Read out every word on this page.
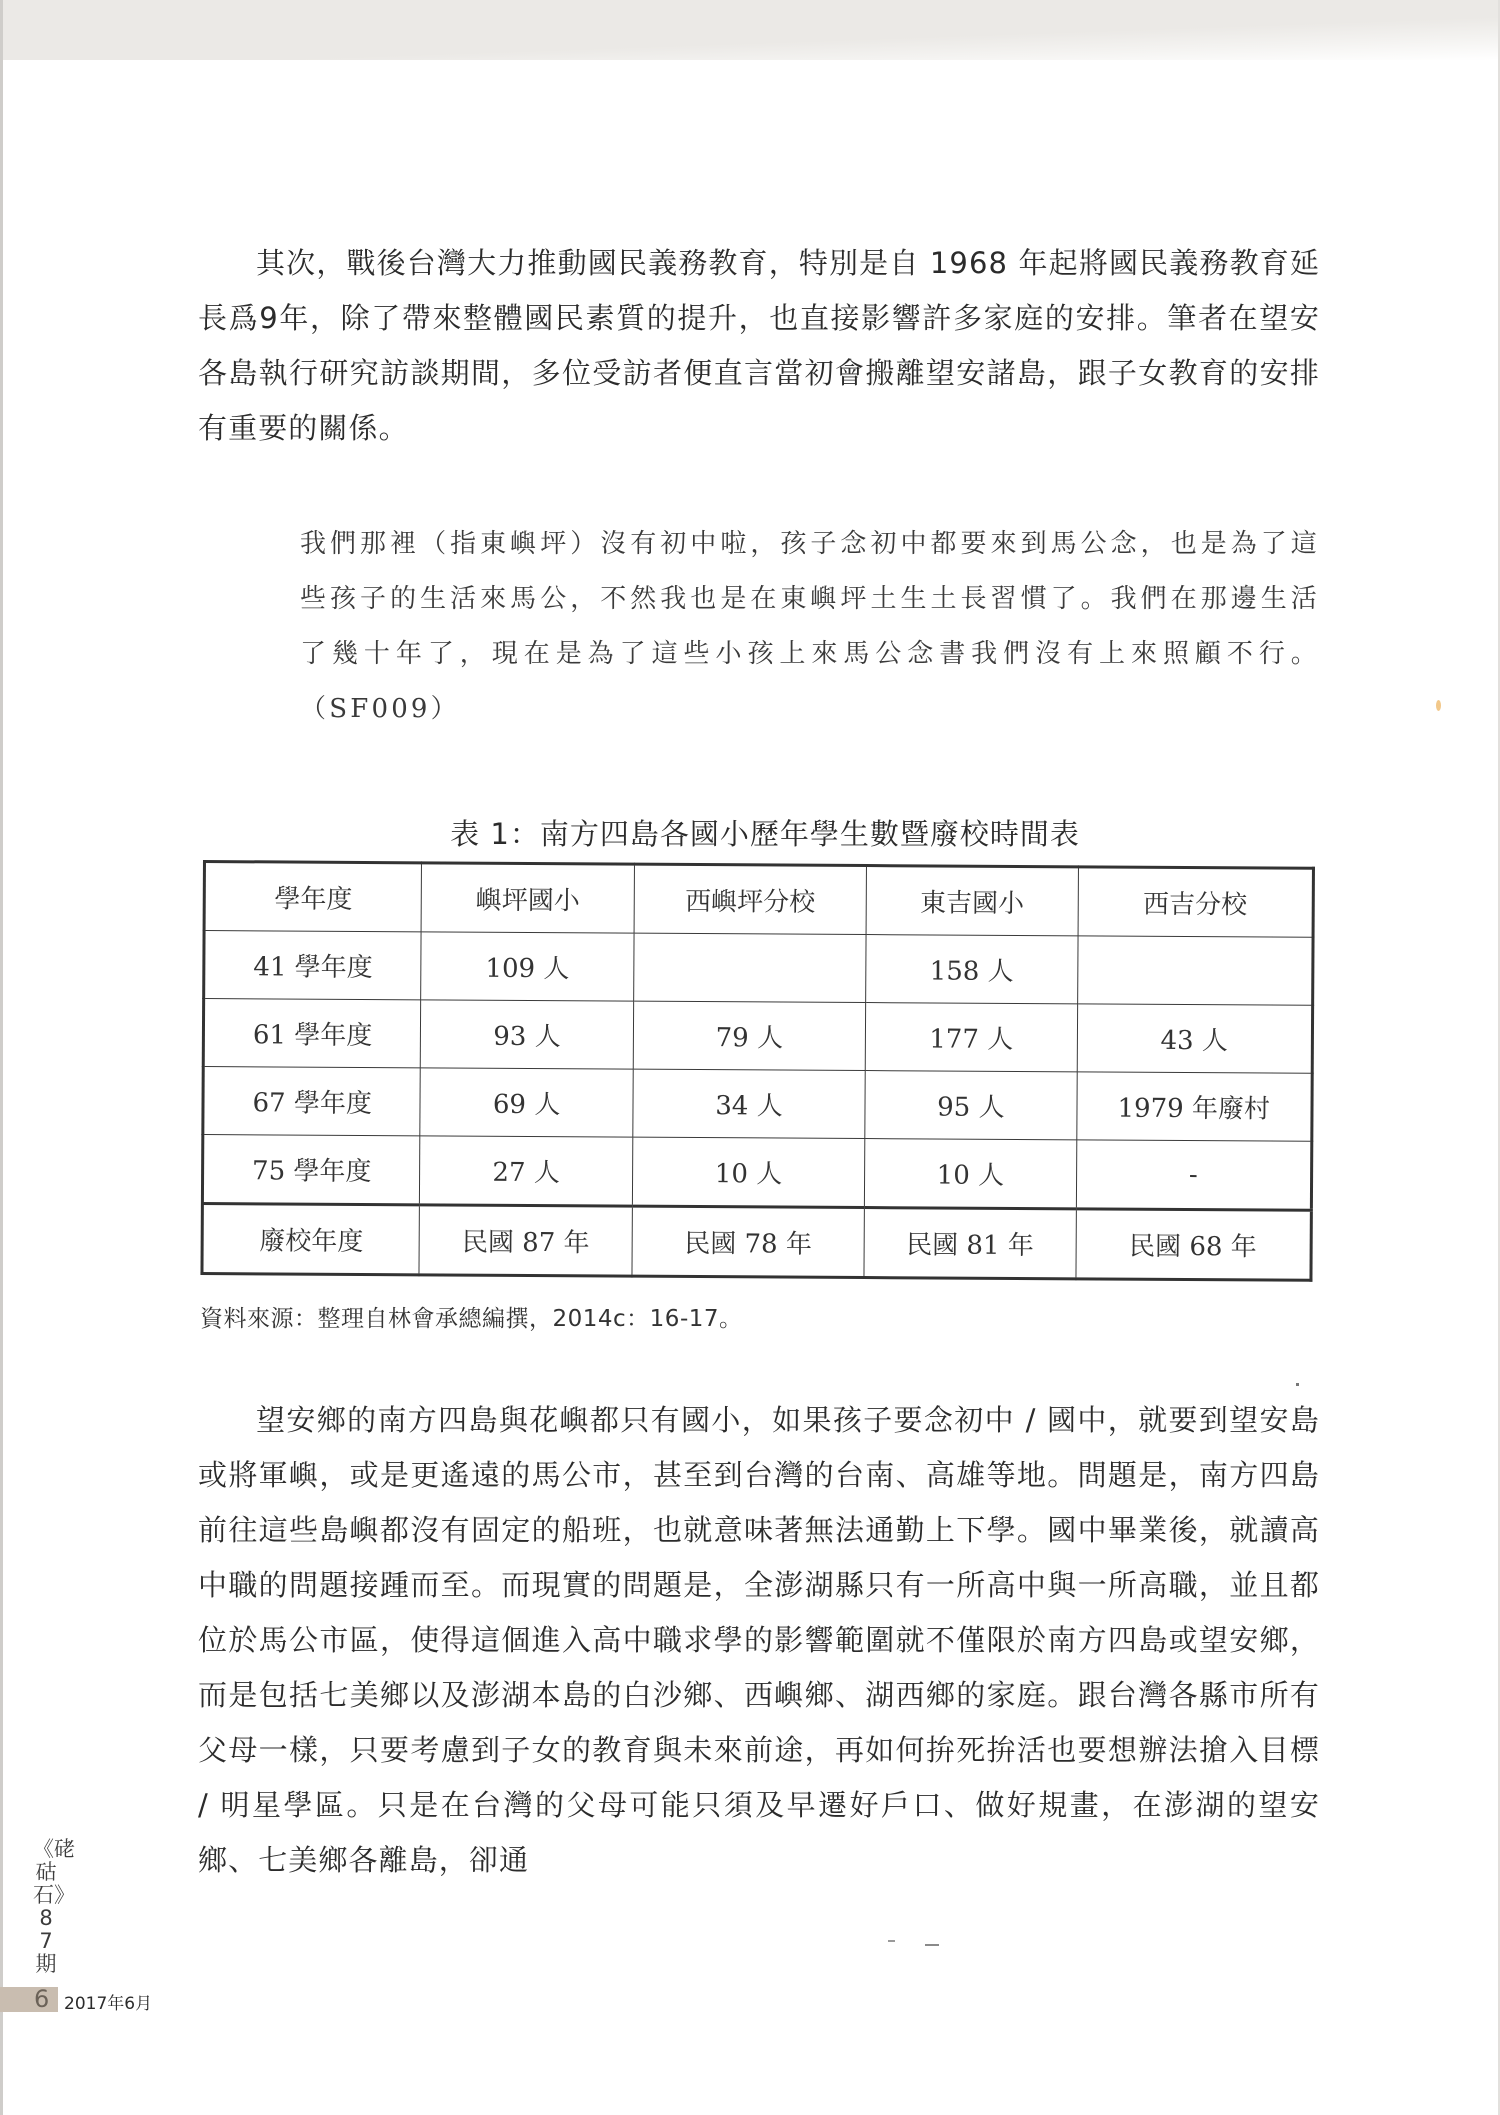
其次，戰後台灣大力推動國民義務教育，特別是自 1968 年起將國民義務教育延長爲9年，除了帶來整體國民素質的提升，也直接影響許多家庭的安排。筆者在望安各島執行研究訪談期間，多位受訪者便直言當初會搬離望安諸島，跟子女教育的安排有重要的關係。

我們那裡（指東嶼坪）沒有初中啦，孩子念初中都要來到馬公念，也是為了這些孩子的生活來馬公，不然我也是在東嶼坪土生土長習慣了。我們在那邊生活了幾十年了，現在是為了這些小孩上來馬公念書我們沒有上來照顧不行。（SF009）

表 1：南方四島各國小歷年學生數暨廢校時間表
學年度	嶼坪國小	西嶼坪分校	東吉國小	西吉分校
41 學年度	109 人		158 人	
61 學年度	93 人	79 人	177 人	43 人
67 學年度	69 人	34 人	95 人	1979 年廢村
75 學年度	27 人	10 人	10 人	-
廢校年度	民國 87 年	民國 78 年	民國 81 年	民國 68 年
資料來源：整理自林會承總編撰，2014c：16-17。

望安鄉的南方四島與花嶼都只有國小，如果孩子要念初中 / 國中，就要到望安島或將軍嶼，或是更遙遠的馬公市，甚至到台灣的台南、高雄等地。問題是，南方四島前往這些島嶼都沒有固定的船班，也就意味著無法通勤上下學。國中畢業後，就讀高中職的問題接踵而至。而現實的問題是，全澎湖縣只有一所高中與一所高職，並且都位於馬公市區，使得這個進入高中職求學的影響範圍就不僅限於南方四島或望安鄉，而是包括七美鄉以及澎湖本島的白沙鄉、西嶼鄉、湖西鄉的家庭。跟台灣各縣市所有父母一樣，只要考慮到子女的教育與未來前途，再如何拚死拚活也要想辦法搶入目標 / 明星學區。只是在台灣的父母可能只須及早遷好戶口、做好規畫，在澎湖的望安鄉、七美鄉各離島，卻通

《硓𥑮石》87期
6 2017年6月
